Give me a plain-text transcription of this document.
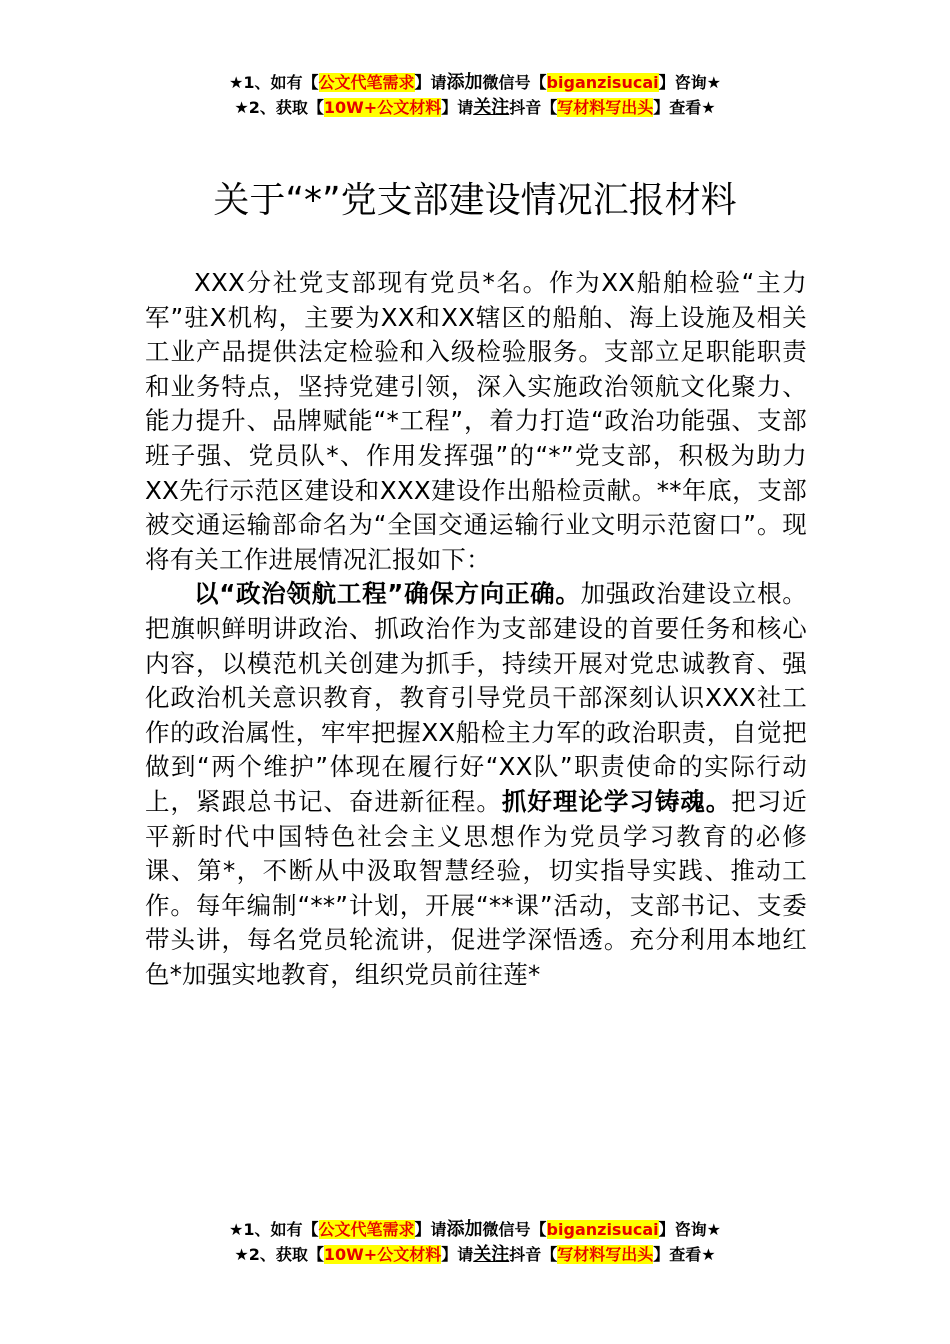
★1、如有【公文代笔需求】请添加微信号【biganzisucai】咨询★
★2、获取【10W+公文材料】请关注抖音【写材料写出头】查看★
关于“*”党支部建设情况汇报材料

XXX分社党支部现有党员*名。作为XX船舶检验“主力军”驻X机构，主要为XX和XX辖区的船舶、海上设施及相关工业产品提供法定检验和入级检验服务。支部立足职能职责和业务特点，坚持党建引领，深入实施政治领航文化聚力、能力提升、品牌赋能“*工程”，着力打造“政治功能强、支部班子强、党员队*、作用发挥强”的“*”党支部，积极为助力XX先行示范区建设和XXX建设作出船检贡献。**年底，支部被交通运输部命名为“全国交通运输行业文明示范窗口”。现将有关工作进展情况汇报如下：

以“政治领航工程”确保方向正确。加强政治建设立根。把旗帜鲜明讲政治、抓政治作为支部建设的首要任务和核心内容，以模范机关创建为抓手，持续开展对党忠诚教育、强化政治机关意识教育，教育引导党员干部深刻认识XXX社工作的政治属性，牢牢把握XX船检主力军的政治职责，自觉把做到“两个维护”体现在履行好“XX队”职责使命的实际行动上，紧跟总书记、奋进新征程。抓好理论学习铸魂。把习近平新时代中国特色社会主义思想作为党员学习教育的必修课、第*，不断从中汲取智慧经验，切实指导实践、推动工作。每年编制“**”计划，开展“**课”活动，支部书记、支委带头讲，每名党员轮流讲，促进学深悟透。充分利用本地红色*加强实地教育，组织党员前往莲*

★1、如有【公文代笔需求】请添加微信号【biganzisucai】咨询★
★2、获取【10W+公文材料】请关注抖音【写材料写出头】查看★
